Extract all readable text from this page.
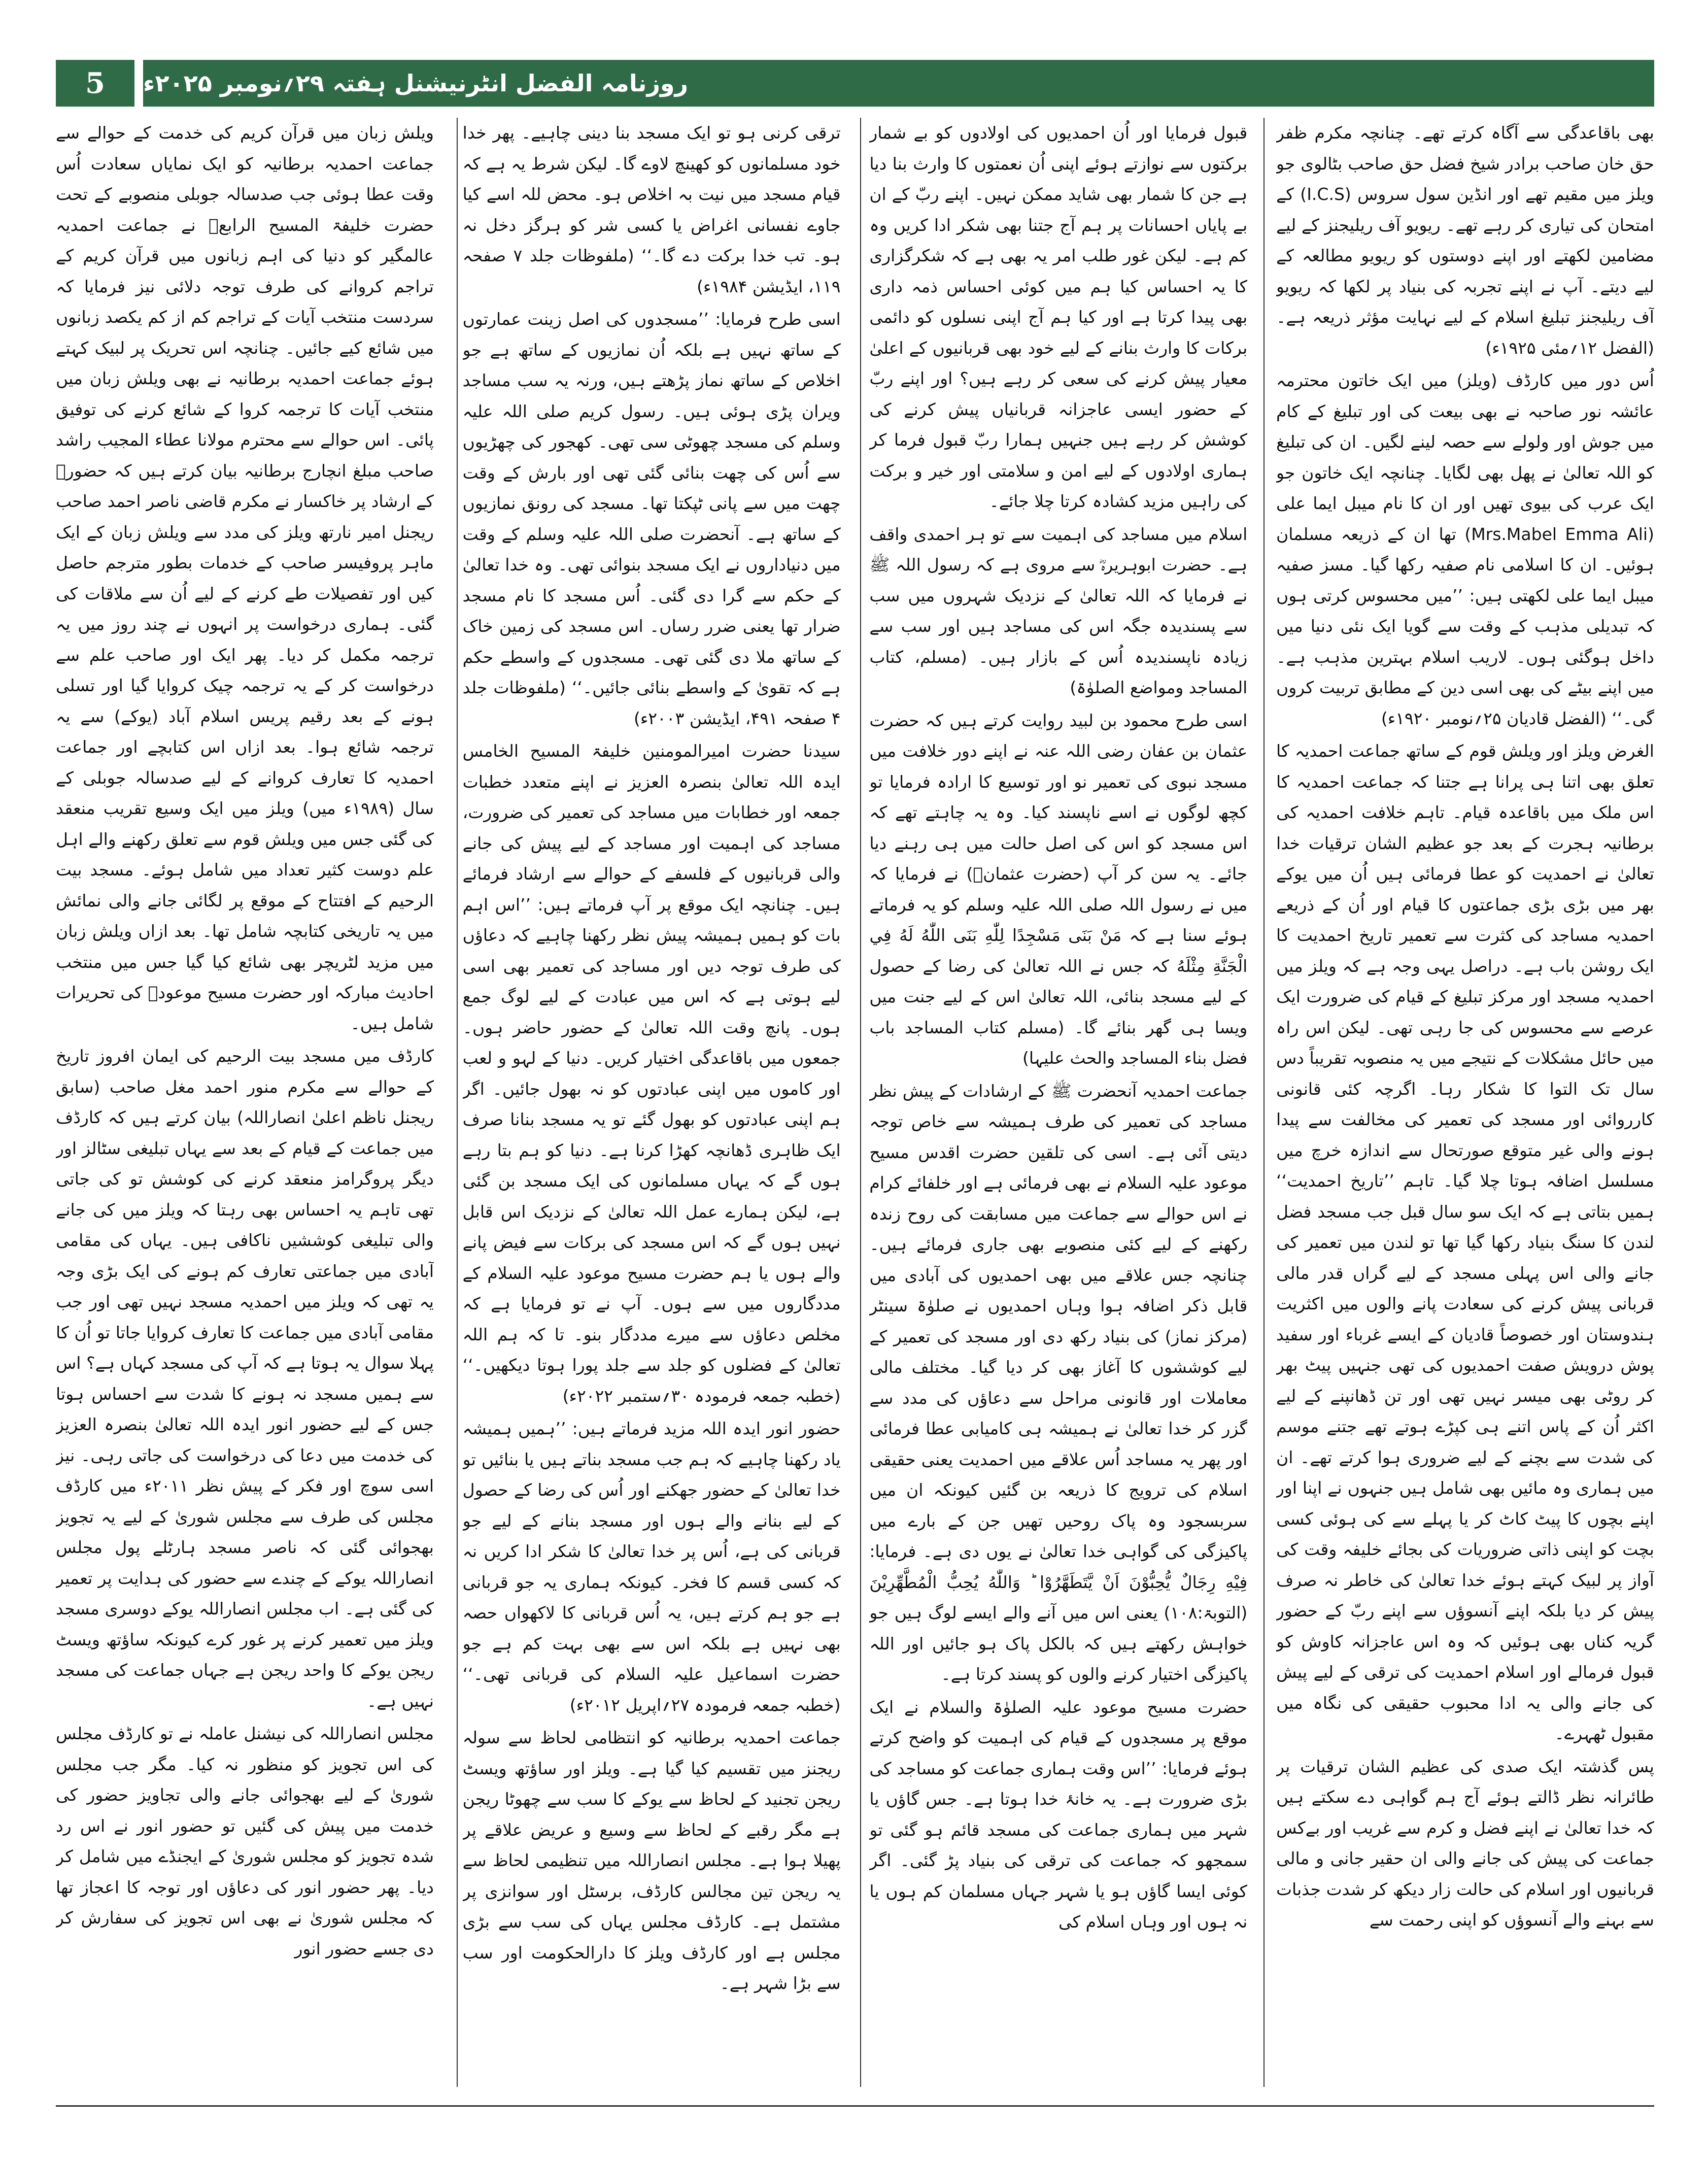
5	روزنامہ الفضل انٹرنیشنل ہفتہ ۲۹؍نومبر ۲۰۲۵ء

بھی باقاعدگی سے آگاہ کرتے تھے۔ چنانچہ مکرم ظفر حق خان صاحب برادر شیخ فضل حق صاحب بٹالوی جو ویلز میں مقیم تھے اور انڈین سول سروس (I.C.S) کے امتحان کی تیاری کر رہے تھے۔ ریویو آف ریلیجنز کے لیے مضامین لکھتے اور اپنے دوستوں کو ریویو مطالعہ کے لیے دیتے۔ آپ نے اپنے تجربہ کی بنیاد پر لکھا کہ ریویو آف ریلیجنز تبلیغ اسلام کے لیے نہایت مؤثر ذریعہ ہے۔ (الفضل ۱۲؍مئی ۱۹۲۵ء)

اُس دور میں کارڈف (ویلز) میں ایک خاتون محترمہ عائشہ نور صاحبہ نے بھی بیعت کی اور تبلیغ کے کام میں جوش اور ولولے سے حصہ لینے لگیں۔ ان کی تبلیغ کو اللہ تعالیٰ نے پھل بھی لگایا۔ چنانچہ ایک خاتون جو ایک عرب کی بیوی تھیں اور ان کا نام میبل ایما علی (Mrs.Mabel Emma Ali) تھا ان کے ذریعہ مسلمان ہوئیں۔ ان کا اسلامی نام صفیہ رکھا گیا۔ مسز صفیہ میبل ایما علی لکھتی ہیں: ’’میں محسوس کرتی ہوں کہ تبدیلی مذہب کے وقت سے گویا ایک نئی دنیا میں داخل ہوگئی ہوں۔ لاریب اسلام بہترین مذہب ہے۔ میں اپنے بیٹے کی بھی اسی دین کے مطابق تربیت کروں گی۔‘‘ (الفضل قادیان ۲۵؍نومبر ۱۹۲۰ء)

الغرض ویلز اور ویلش قوم کے ساتھ جماعت احمدیہ کا تعلق بھی اتنا ہی پرانا ہے جتنا کہ جماعت احمدیہ کا اس ملک میں باقاعدہ قیام۔ تاہم خلافت احمدیہ کی برطانیہ ہجرت کے بعد جو عظیم الشان ترقیات خدا تعالیٰ نے احمدیت کو عطا فرمائی ہیں اُن میں یوکے بھر میں بڑی بڑی جماعتوں کا قیام اور اُن کے ذریعے احمدیہ مساجد کی کثرت سے تعمیر تاریخ احمدیت کا ایک روشن باب ہے۔ دراصل یہی وجہ ہے کہ ویلز میں احمدیہ مسجد اور مرکز تبلیغ کے قیام کی ضرورت ایک عرصے سے محسوس کی جا رہی تھی۔ لیکن اس راہ میں حائل مشکلات کے نتیجے میں یہ منصوبہ تقریباً دس سال تک التوا کا شکار رہا۔ اگرچہ کئی قانونی کارروائی اور مسجد کی تعمیر کی مخالفت سے پیدا ہونے والی غیر متوقع صورتحال سے اندازہ خرچ میں مسلسل اضافہ ہوتا چلا گیا۔ تاہم ’’تاریخ احمدیت‘‘ ہمیں بتاتی ہے کہ ایک سو سال قبل جب مسجد فضل لندن کا سنگ بنیاد رکھا گیا تھا تو لندن میں تعمیر کی جانے والی اس پہلی مسجد کے لیے گراں قدر مالی قربانی پیش کرنے کی سعادت پانے والوں میں اکثریت ہندوستان اور خصوصاً قادیان کے ایسے غرباء اور سفید پوش درویش صفت احمدیوں کی تھی جنہیں پیٹ بھر کر روٹی بھی میسر نہیں تھی اور تن ڈھانپنے کے لیے اکثر اُن کے پاس اتنے ہی کپڑے ہوتے تھے جتنے موسم کی شدت سے بچنے کے لیے ضروری ہوا کرتے تھے۔ ان میں ہماری وہ مائیں بھی شامل ہیں جنہوں نے اپنا اور اپنے بچوں کا پیٹ کاٹ کر یا پہلے سے کی ہوئی کسی بچت کو اپنی ذاتی ضروریات کی بجائے خلیفہ وقت کی آواز پر لبیک کہتے ہوئے خدا تعالیٰ کی خاطر نہ صرف پیش کر دیا بلکہ اپنے آنسوؤں سے اپنے ربّ کے حضور گریہ کناں بھی ہوئیں کہ وہ اس عاجزانہ کاوش کو قبول فرمالے اور اسلام احمدیت کی ترقی کے لیے پیش کی جانے والی یہ ادا محبوب حقیقی کی نگاہ میں مقبول ٹھہرے۔

پس گذشتہ ایک صدی کی عظیم الشان ترقیات پر طائرانہ نظر ڈالتے ہوئے آج ہم گواہی دے سکتے ہیں کہ خدا تعالیٰ نے اپنے فضل و کرم سے غریب اور بےکس جماعت کی پیش کی جانے والی ان حقیر جانی و مالی قربانیوں اور اسلام کی حالت زار دیکھ کر شدت جذبات سے بہنے والے آنسوؤں کو اپنی رحمت سے

قبول فرمایا اور اُن احمدیوں کی اولادوں کو بے شمار برکتوں سے نوازتے ہوئے اپنی اُن نعمتوں کا وارث بنا دیا ہے جن کا شمار بھی شاید ممکن نہیں۔ اپنے ربّ کے ان بے پایاں احسانات پر ہم آج جتنا بھی شکر ادا کریں وہ کم ہے۔ لیکن غور طلب امر یہ بھی ہے کہ شکرگزاری کا یہ احساس کیا ہم میں کوئی احساس ذمہ داری بھی پیدا کرتا ہے اور کیا ہم آج اپنی نسلوں کو دائمی برکات کا وارث بنانے کے لیے خود بھی قربانیوں کے اعلیٰ معیار پیش کرنے کی سعی کر رہے ہیں؟ اور اپنے ربّ کے حضور ایسی عاجزانہ قربانیاں پیش کرنے کی کوشش کر رہے ہیں جنہیں ہمارا ربّ قبول فرما کر ہماری اولادوں کے لیے امن و سلامتی اور خیر و برکت کی راہیں مزید کشادہ کرتا چلا جائے۔

اسلام میں مساجد کی اہمیت سے تو ہر احمدی واقف ہے۔ حضرت ابوہریرہؓ سے مروی ہے کہ رسول اللہ ﷺ نے فرمایا کہ اللہ تعالیٰ کے نزدیک شہروں میں سب سے پسندیدہ جگہ اس کی مساجد ہیں اور سب سے زیادہ ناپسندیدہ اُس کے بازار ہیں۔ (مسلم، کتاب المساجد ومواضع الصلوٰۃ)

اسی طرح محمود بن لبید روایت کرتے ہیں کہ حضرت عثمان بن عفان رضی اللہ عنہ نے اپنے دور خلافت میں مسجد نبوی کی تعمیر نو اور توسیع کا ارادہ فرمایا تو کچھ لوگوں نے اسے ناپسند کیا۔ وہ یہ چاہتے تھے کہ اس مسجد کو اس کی اصل حالت میں ہی رہنے دیا جائے۔ یہ سن کر آپ (حضرت عثمانؓ) نے فرمایا کہ میں نے رسول اللہ صلی اللہ علیہ وسلم کو یہ فرماتے ہوئے سنا ہے کہ مَنْ بَنَى مَسْجِدًا لِلّٰهِ بَنَى اللّٰهُ لَهُ فِي الْجَنَّةِ مِثْلَهُ کہ جس نے اللہ تعالیٰ کی رضا کے حصول کے لیے مسجد بنائی، اللہ تعالیٰ اس کے لیے جنت میں ویسا ہی گھر بنائے گا۔ (مسلم کتاب المساجد باب فضل بناء المساجد والحث علیہا)

جماعت احمدیہ آنحضرت ﷺ کے ارشادات کے پیش نظر مساجد کی تعمیر کی طرف ہمیشہ سے خاص توجہ دیتی آئی ہے۔ اسی کی تلقین حضرت اقدس مسیح موعود علیہ السلام نے بھی فرمائی ہے اور خلفائے کرام نے اس حوالے سے جماعت میں مسابقت کی روح زندہ رکھنے کے لیے کئی منصوبے بھی جاری فرمائے ہیں۔ چنانچہ جس علاقے میں بھی احمدیوں کی آبادی میں قابل ذکر اضافہ ہوا وہاں احمدیوں نے صلوٰۃ سینٹر (مرکز نماز) کی بنیاد رکھ دی اور مسجد کی تعمیر کے لیے کوششوں کا آغاز بھی کر دیا گیا۔ مختلف مالی معاملات اور قانونی مراحل سے دعاؤں کی مدد سے گزر کر خدا تعالیٰ نے ہمیشہ ہی کامیابی عطا فرمائی اور پھر یہ مساجد اُس علاقے میں احمدیت یعنی حقیقی اسلام کی ترویج کا ذریعہ بن گئیں کیونکہ ان میں سربسجود وہ پاک روحیں تھیں جن کے بارے میں پاکیزگی کی گواہی خدا تعالیٰ نے یوں دی ہے۔ فرمایا: فِيْهِ رِجَالٌ يُّحِبُّوْنَ اَنْ يَّتَطَهَّرُوْا ؕ وَاللّٰهُ يُحِبُّ الْمُطَّهِّرِيْنَ (التوبۃ:۱۰۸) یعنی اس میں آنے والے ایسے لوگ ہیں جو خواہش رکھتے ہیں کہ بالکل پاک ہو جائیں اور اللہ پاکیزگی اختیار کرنے والوں کو پسند کرتا ہے۔

حضرت مسیح موعود علیہ الصلوٰۃ والسلام نے ایک موقع پر مسجدوں کے قیام کی اہمیت کو واضح کرتے ہوئے فرمایا: ’’اس وقت ہماری جماعت کو مساجد کی بڑی ضرورت ہے۔ یہ خانۂ خدا ہوتا ہے۔ جس گاؤں یا شہر میں ہماری جماعت کی مسجد قائم ہو گئی تو سمجھو کہ جماعت کی ترقی کی بنیاد پڑ گئی۔ اگر کوئی ایسا گاؤں ہو یا شہر جہاں مسلمان کم ہوں یا نہ ہوں اور وہاں اسلام کی

ترقی کرنی ہو تو ایک مسجد بنا دینی چاہیے۔ پھر خدا خود مسلمانوں کو کھینچ لاوے گا۔ لیکن شرط یہ ہے کہ قیام مسجد میں نیت بہ اخلاص ہو۔ محض للہ اسے کیا جاوے نفسانی اغراض یا کسی شر کو ہرگز دخل نہ ہو۔ تب خدا برکت دے گا۔‘‘ (ملفوظات جلد ۷ صفحہ ۱۱۹، ایڈیشن ۱۹۸۴ء)

اسی طرح فرمایا: ’’مسجدوں کی اصل زینت عمارتوں کے ساتھ نہیں ہے بلکہ اُن نمازیوں کے ساتھ ہے جو اخلاص کے ساتھ نماز پڑھتے ہیں، ورنہ یہ سب مساجد ویران پڑی ہوئی ہیں۔ رسول کریم صلی اللہ علیہ وسلم کی مسجد چھوٹی سی تھی۔ کھجور کی چھڑیوں سے اُس کی چھت بنائی گئی تھی اور بارش کے وقت چھت میں سے پانی ٹپکتا تھا۔ مسجد کی رونق نمازیوں کے ساتھ ہے۔ آنحضرت صلی اللہ علیہ وسلم کے وقت میں دنیاداروں نے ایک مسجد بنوائی تھی۔ وہ خدا تعالیٰ کے حکم سے گرا دی گئی۔ اُس مسجد کا نام مسجد ضرار تھا یعنی ضرر رساں۔ اس مسجد کی زمین خاک کے ساتھ ملا دی گئی تھی۔ مسجدوں کے واسطے حکم ہے کہ تقویٰ کے واسطے بنائی جائیں۔‘‘ (ملفوظات جلد ۴ صفحہ ۴۹۱، ایڈیشن ۲۰۰۳ء)

سیدنا حضرت امیرالمومنین خلیفۃ المسیح الخامس ایدہ اللہ تعالیٰ بنصرہ العزیز نے اپنے متعدد خطبات جمعہ اور خطابات میں مساجد کی تعمیر کی ضرورت، مساجد کی اہمیت اور مساجد کے لیے پیش کی جانے والی قربانیوں کے فلسفے کے حوالے سے ارشاد فرمائے ہیں۔ چنانچہ ایک موقع پر آپ فرماتے ہیں: ’’اس اہم بات کو ہمیں ہمیشہ پیش نظر رکھنا چاہیے کہ دعاؤں کی طرف توجہ دیں اور مساجد کی تعمیر بھی اسی لیے ہوتی ہے کہ اس میں عبادت کے لیے لوگ جمع ہوں۔ پانچ وقت اللہ تعالیٰ کے حضور حاضر ہوں۔ جمعوں میں باقاعدگی اختیار کریں۔ دنیا کے لہو و لعب اور کاموں میں اپنی عبادتوں کو نہ بھول جائیں۔ اگر ہم اپنی عبادتوں کو بھول گئے تو یہ مسجد بنانا صرف ایک ظاہری ڈھانچہ کھڑا کرنا ہے۔ دنیا کو ہم بتا رہے ہوں گے کہ یہاں مسلمانوں کی ایک مسجد بن گئی ہے، لیکن ہمارے عمل اللہ تعالیٰ کے نزدیک اس قابل نہیں ہوں گے کہ اس مسجد کی برکات سے فیض پانے والے ہوں یا ہم حضرت مسیح موعود علیہ السلام کے مددگاروں میں سے ہوں۔ آپ نے تو فرمایا ہے کہ مخلص دعاؤں سے میرے مددگار بنو۔ تا کہ ہم اللہ تعالیٰ کے فضلوں کو جلد سے جلد پورا ہوتا دیکھیں۔‘‘ (خطبہ جمعہ فرمودہ ۳۰؍ستمبر ۲۰۲۲ء)

حضور انور ایدہ اللہ مزید فرماتے ہیں: ’’ہمیں ہمیشہ یاد رکھنا چاہیے کہ ہم جب مسجد بناتے ہیں یا بنائیں تو خدا تعالیٰ کے حضور جھکنے اور اُس کی رضا کے حصول کے لیے بنانے والے ہوں اور مسجد بنانے کے لیے جو قربانی کی ہے، اُس پر خدا تعالیٰ کا شکر ادا کریں نہ کہ کسی قسم کا فخر۔ کیونکہ ہماری یہ جو قربانی ہے جو ہم کرتے ہیں، یہ اُس قربانی کا لاکھواں حصہ بھی نہیں ہے بلکہ اس سے بھی بہت کم ہے جو حضرت اسماعیل علیہ السلام کی قربانی تھی۔‘‘ (خطبہ جمعہ فرمودہ ۲۷؍اپریل ۲۰۱۲ء)

جماعت احمدیہ برطانیہ کو انتظامی لحاظ سے سولہ ریجنز میں تقسیم کیا گیا ہے۔ ویلز اور ساؤتھ ویسٹ ریجن تجنید کے لحاظ سے یوکے کا سب سے چھوٹا ریجن ہے مگر رقبے کے لحاظ سے وسیع و عریض علاقے پر پھیلا ہوا ہے۔ مجلس انصاراللہ میں تنظیمی لحاظ سے یہ ریجن تین مجالس کارڈف، برسٹل اور سوانزی پر مشتمل ہے۔ کارڈف مجلس یہاں کی سب سے بڑی مجلس ہے اور کارڈف ویلز کا دارالحکومت اور سب سے بڑا شہر ہے۔

ویلش زبان میں قرآن کریم کی خدمت کے حوالے سے جماعت احمدیہ برطانیہ کو ایک نمایاں سعادت اُس وقت عطا ہوئی جب صدسالہ جوبلی منصوبے کے تحت حضرت خلیفۃ المسیح الرابعؒ نے جماعت احمدیہ عالمگیر کو دنیا کی اہم زبانوں میں قرآن کریم کے تراجم کروانے کی طرف توجہ دلائی نیز فرمایا کہ سردست منتخب آیات کے تراجم کم از کم یکصد زبانوں میں شائع کیے جائیں۔ چنانچہ اس تحریک پر لبیک کہتے ہوئے جماعت احمدیہ برطانیہ نے بھی ویلش زبان میں منتخب آیات کا ترجمہ کروا کے شائع کرنے کی توفیق پائی۔ اس حوالے سے محترم مولانا عطاء المجیب راشد صاحب مبلغ انچارج برطانیہ بیان کرتے ہیں کہ حضورؒ کے ارشاد پر خاکسار نے مکرم قاضی ناصر احمد صاحب ریجنل امیر نارتھ ویلز کی مدد سے ویلش زبان کے ایک ماہر پروفیسر صاحب کے خدمات بطور مترجم حاصل کیں اور تفصیلات طے کرنے کے لیے اُن سے ملاقات کی گئی۔ ہماری درخواست پر انہوں نے چند روز میں یہ ترجمہ مکمل کر دیا۔ پھر ایک اور صاحب علم سے درخواست کر کے یہ ترجمہ چیک کروایا گیا اور تسلی ہونے کے بعد رقیم پریس اسلام آباد (یوکے) سے یہ ترجمہ شائع ہوا۔ بعد ازاں اس کتابچے اور جماعت احمدیہ کا تعارف کروانے کے لیے صدسالہ جوبلی کے سال (۱۹۸۹ء میں) ویلز میں ایک وسیع تقریب منعقد کی گئی جس میں ویلش قوم سے تعلق رکھنے والے اہل علم دوست کثیر تعداد میں شامل ہوئے۔ مسجد بیت الرحیم کے افتتاح کے موقع پر لگائی جانے والی نمائش میں یہ تاریخی کتابچہ شامل تھا۔ بعد ازاں ویلش زبان میں مزید لٹریچر بھی شائع کیا گیا جس میں منتخب احادیث مبارکہ اور حضرت مسیح موعودؑ کی تحریرات شامل ہیں۔

کارڈف میں مسجد بیت الرحیم کی ایمان افروز تاریخ کے حوالے سے مکرم منور احمد مغل صاحب (سابق ریجنل ناظم اعلیٰ انصاراللہ) بیان کرتے ہیں کہ کارڈف میں جماعت کے قیام کے بعد سے یہاں تبلیغی سٹالز اور دیگر پروگرامز منعقد کرنے کی کوشش تو کی جاتی تھی تاہم یہ احساس بھی رہتا کہ ویلز میں کی جانے والی تبلیغی کوششیں ناکافی ہیں۔ یہاں کی مقامی آبادی میں جماعتی تعارف کم ہونے کی ایک بڑی وجہ یہ تھی کہ ویلز میں احمدیہ مسجد نہیں تھی اور جب مقامی آبادی میں جماعت کا تعارف کروایا جاتا تو اُن کا پہلا سوال یہ ہوتا ہے کہ آپ کی مسجد کہاں ہے؟ اس سے ہمیں مسجد نہ ہونے کا شدت سے احساس ہوتا جس کے لیے حضور انور ایدہ اللہ تعالیٰ بنصرہ العزیز کی خدمت میں دعا کی درخواست کی جاتی رہی۔ نیز اسی سوچ اور فکر کے پیش نظر ۲۰۱۱ء میں کارڈف مجلس کی طرف سے مجلس شوریٰ کے لیے یہ تجویز بھجوائی گئی کہ ناصر مسجد ہارٹلے پول مجلس انصاراللہ یوکے کے چندے سے حضور کی ہدایت پر تعمیر کی گئی ہے۔ اب مجلس انصاراللہ یوکے دوسری مسجد ویلز میں تعمیر کرنے پر غور کرے کیونکہ ساؤتھ ویسٹ ریجن یوکے کا واحد ریجن ہے جہاں جماعت کی مسجد نہیں ہے۔

مجلس انصاراللہ کی نیشنل عاملہ نے تو کارڈف مجلس کی اس تجویز کو منظور نہ کیا۔ مگر جب مجلس شوریٰ کے لیے بھجوائی جانے والی تجاویز حضور کی خدمت میں پیش کی گئیں تو حضور انور نے اس رد شدہ تجویز کو مجلس شوریٰ کے ایجنڈے میں شامل کر دیا۔ پھر حضور انور کی دعاؤں اور توجہ کا اعجاز تھا کہ مجلس شوریٰ نے بھی اس تجویز کی سفارش کر دی جسے حضور انور
